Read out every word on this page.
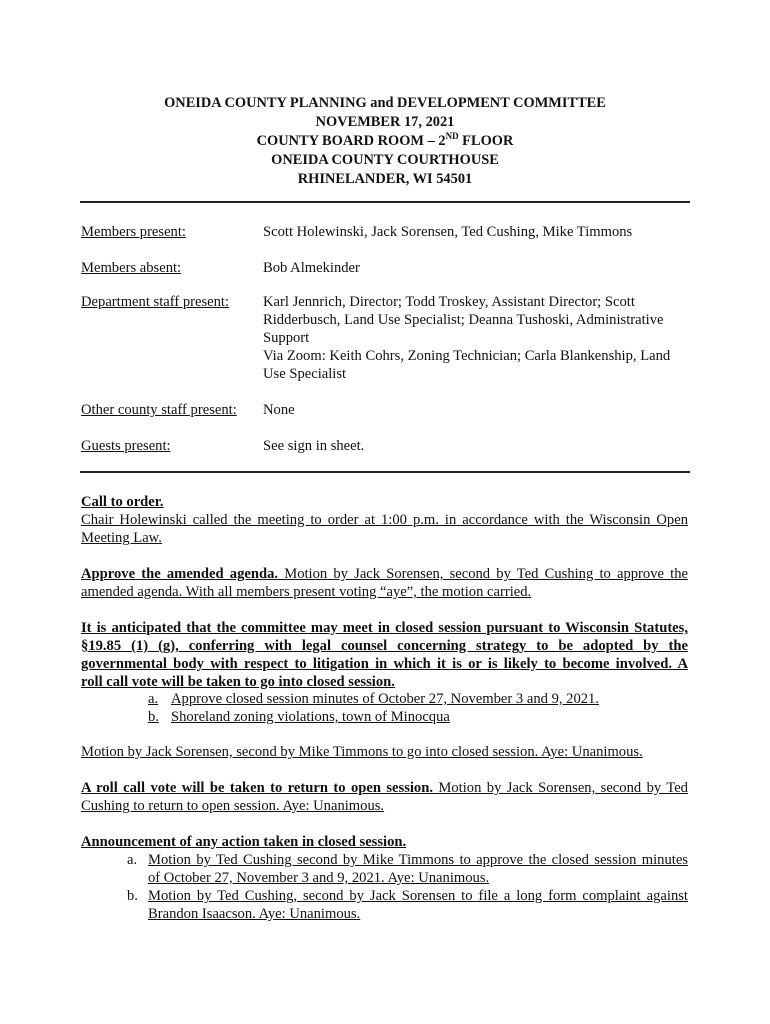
ONEIDA COUNTY PLANNING and DEVELOPMENT COMMITTEE
NOVEMBER 17, 2021
COUNTY BOARD ROOM – 2ND FLOOR
ONEIDA COUNTY COURTHOUSE
RHINELANDER, WI 54501
Members present:	Scott Holewinski, Jack Sorensen, Ted Cushing, Mike Timmons
Members absent:	Bob Almekinder
Department staff present: Karl Jennrich, Director; Todd Troskey, Assistant Director; Scott
Ridderbusch, Land Use Specialist; Deanna Tushoski, Administrative
Support
Via Zoom: Keith Cohrs, Zoning Technician; Carla Blankenship, Land
Use Specialist
Other county staff present: None
Guests present:	See sign in sheet.
Call to order.
Chair Holewinski called the meeting to order at 1:00 p.m. in accordance with the Wisconsin Open
Meeting Law.
Approve the amended agenda. Motion by Jack Sorensen, second by Ted Cushing to approve the
amended agenda. With all members present voting “aye”, the motion carried.
It is anticipated that the committee may meet in closed session pursuant to Wisconsin Statutes,
§19.85 (1) (g), conferring with legal counsel concerning strategy to be adopted by the
governmental body with respect to litigation in which it is or is likely to become involved. A
roll call vote will be taken to go into closed session.
a. Approve closed session minutes of October 27, November 3 and 9, 2021.
b. Shoreland zoning violations, town of Minocqua
Motion by Jack Sorensen, second by Mike Timmons to go into closed session. Aye: Unanimous.
A roll call vote will be taken to return to open session. Motion by Jack Sorensen, second by Ted
Cushing to return to open session. Aye: Unanimous.
Announcement of any action taken in closed session.
a. Motion by Ted Cushing second by Mike Timmons to approve the closed session minutes
of October 27, November 3 and 9, 2021. Aye: Unanimous.
b. Motion by Ted Cushing, second by Jack Sorensen to file a long form complaint against
Brandon Isaacson. Aye: Unanimous.
